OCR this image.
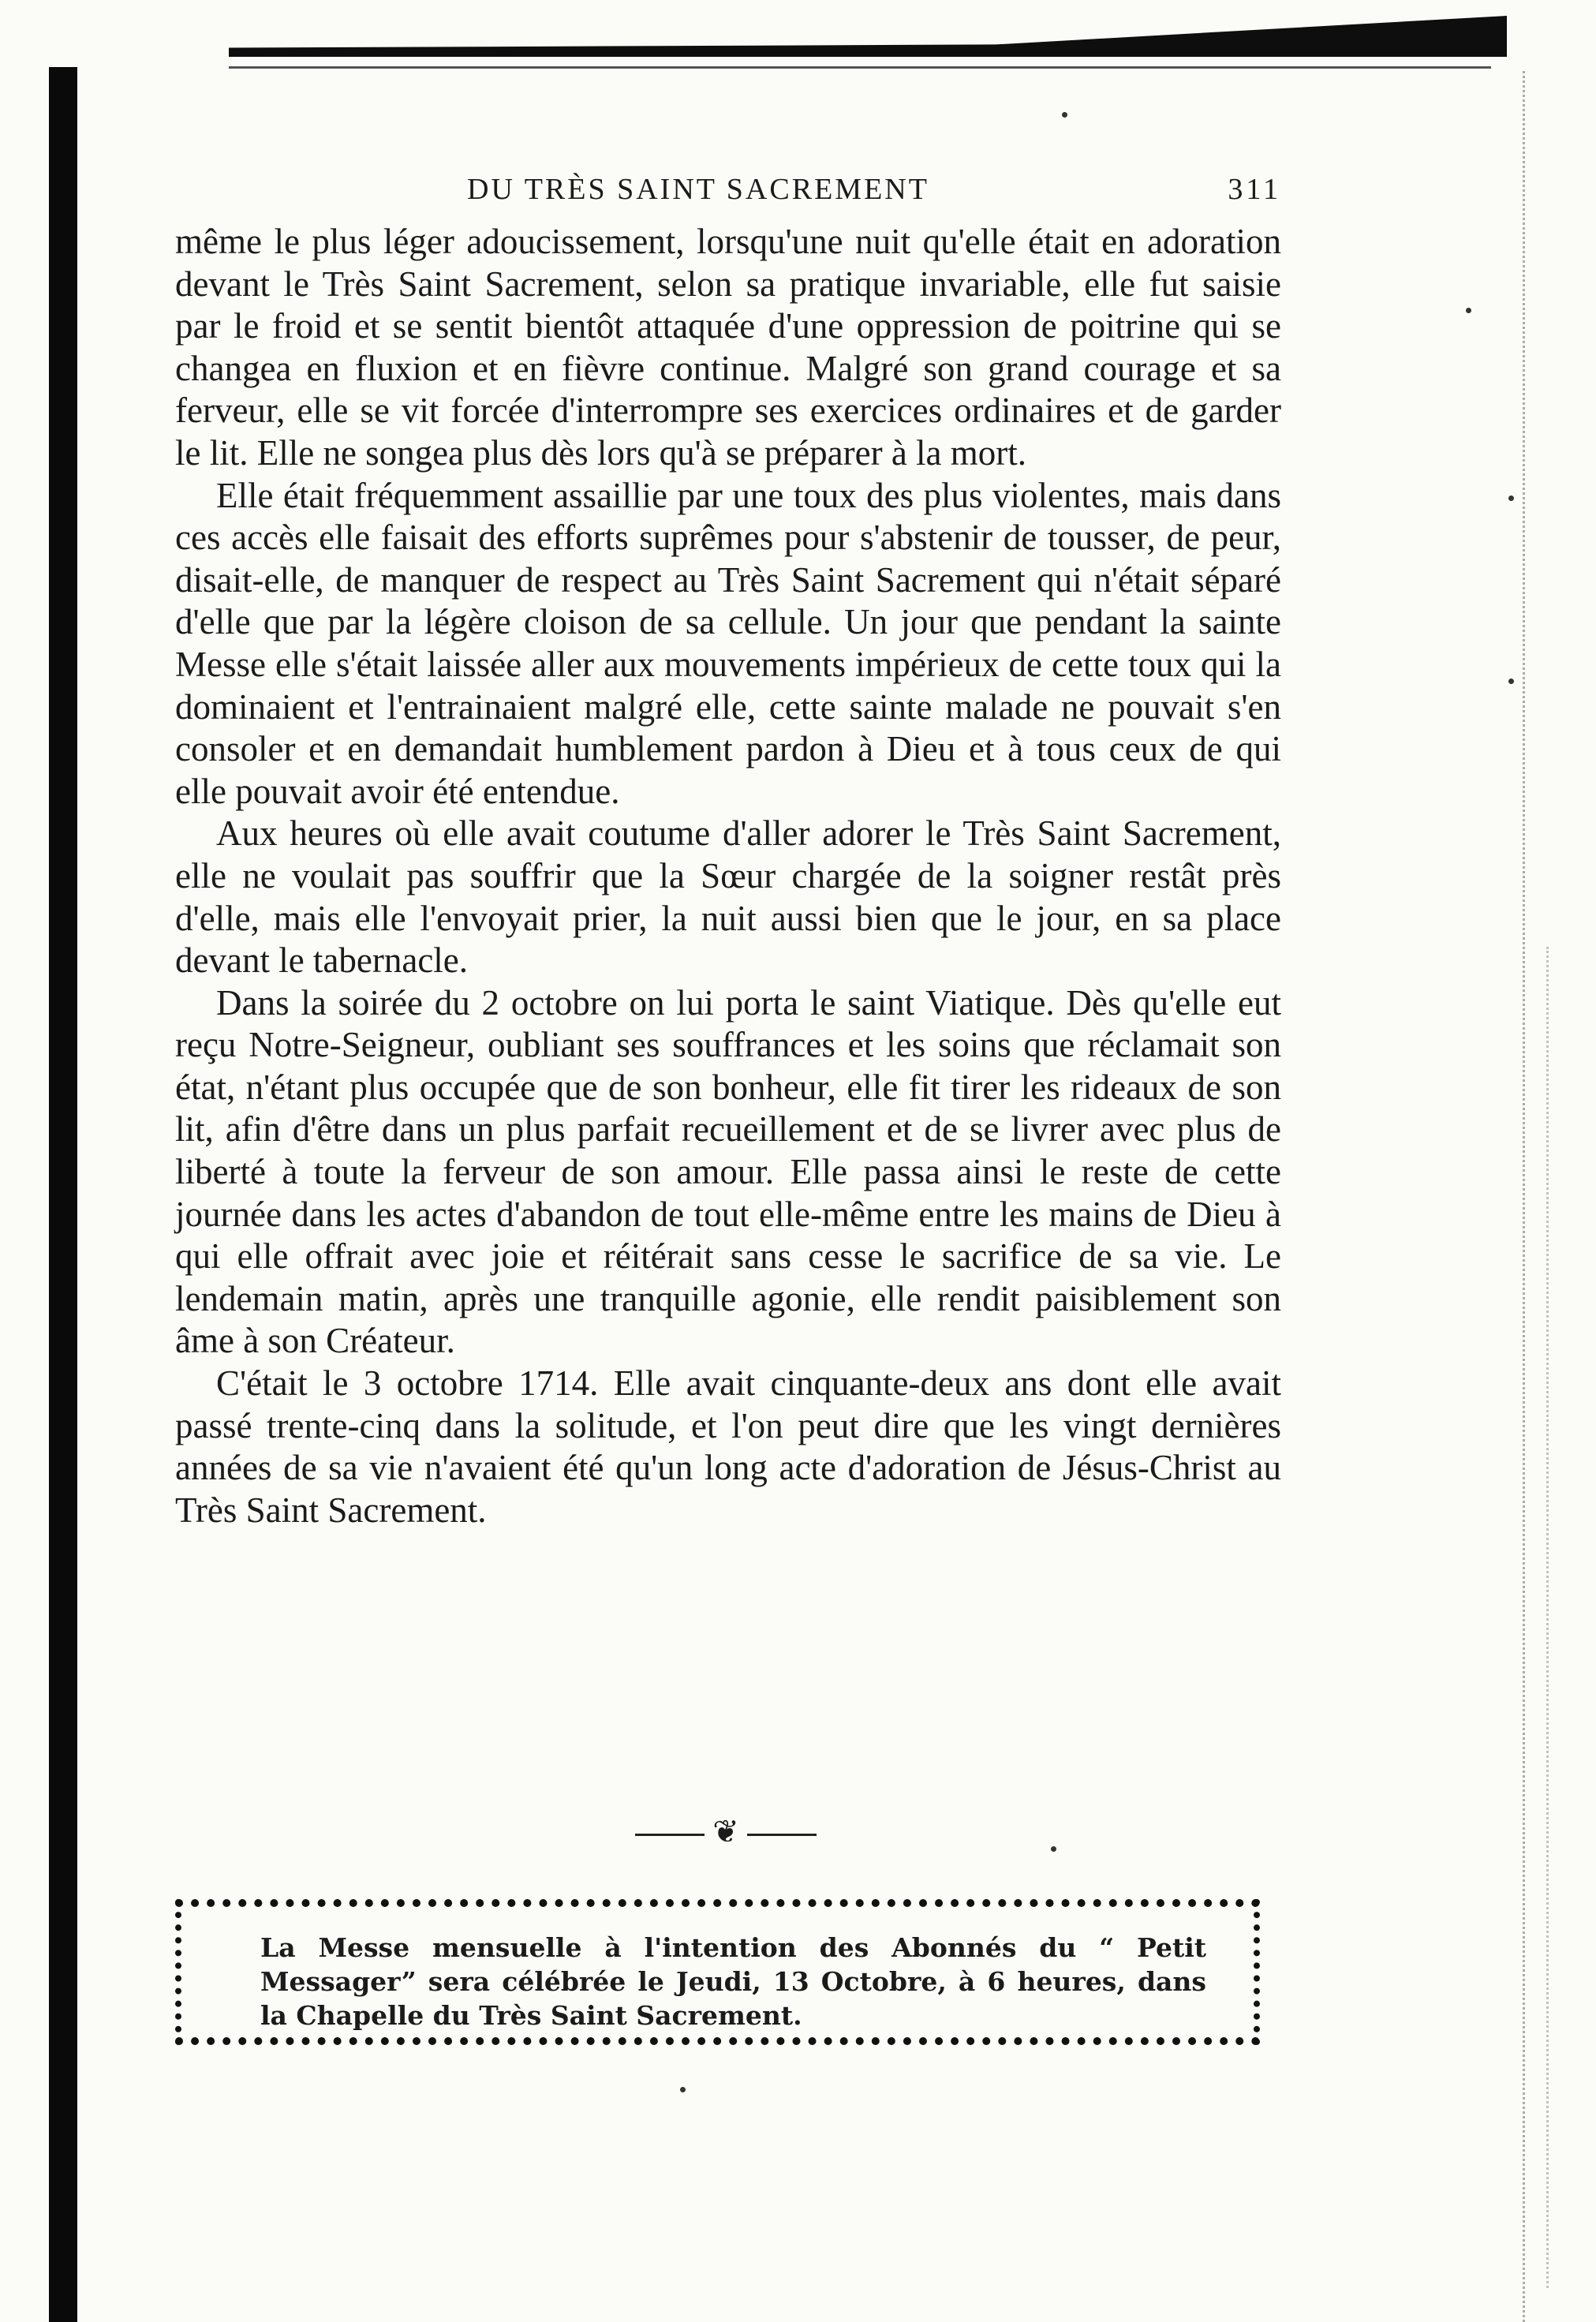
DU TRÈS SAINT SACREMENT	311

même le plus léger adoucissement, lorsqu'une nuit qu'elle était en adoration devant le Très Saint Sacrement, selon sa pratique invariable, elle fut saisie par le froid et se sentit bientôt attaquée d'une oppression de poitrine qui se changea en fluxion et en fièvre continue. Malgré son grand courage et sa ferveur, elle se vit forcée d'interrompre ses exercices ordinaires et de garder le lit. Elle ne songea plus dès lors qu'à se préparer à la mort.

Elle était fréquemment assaillie par une toux des plus violentes, mais dans ces accès elle faisait des efforts suprêmes pour s'abstenir de tousser, de peur, disait-elle, de manquer de respect au Très Saint Sacrement qui n'était séparé d'elle que par la légère cloison de sa cellule. Un jour que pendant la sainte Messe elle s'était laissée aller aux mouvements impérieux de cette toux qui la dominaient et l'entrainaient malgré elle, cette sainte malade ne pouvait s'en consoler et en demandait humblement pardon à Dieu et à tous ceux de qui elle pouvait avoir été entendue.

Aux heures où elle avait coutume d'aller adorer le Très Saint Sacrement, elle ne voulait pas souffrir que la Sœur chargée de la soigner restât près d'elle, mais elle l'envoyait prier, la nuit aussi bien que le jour, en sa place devant le tabernacle.

Dans la soirée du 2 octobre on lui porta le saint Viatique. Dès qu'elle eut reçu Notre-Seigneur, oubliant ses souffrances et les soins que réclamait son état, n'étant plus occupée que de son bonheur, elle fit tirer les rideaux de son lit, afin d'être dans un plus parfait recueillement et de se livrer avec plus de liberté à toute la ferveur de son amour. Elle passa ainsi le reste de cette journée dans les actes d'abandon de tout elle-même entre les mains de Dieu à qui elle offrait avec joie et réitérait sans cesse le sacrifice de sa vie. Le lendemain matin, après une tranquille agonie, elle rendit paisiblement son âme à son Créateur.

C'était le 3 octobre 1714. Elle avait cinquante-deux ans dont elle avait passé trente-cinq dans la solitude, et l'on peut dire que les vingt dernières années de sa vie n'avaient été qu'un long acte d'adoration de Jésus-Christ au Très Saint Sacrement.

❦
La Messe mensuelle à l'intention des Abonnés du “ Petit Messager” sera célébrée le Jeudi, 13 Octobre, à 6 heures, dans la Chapelle du Très Saint Sacrement.
